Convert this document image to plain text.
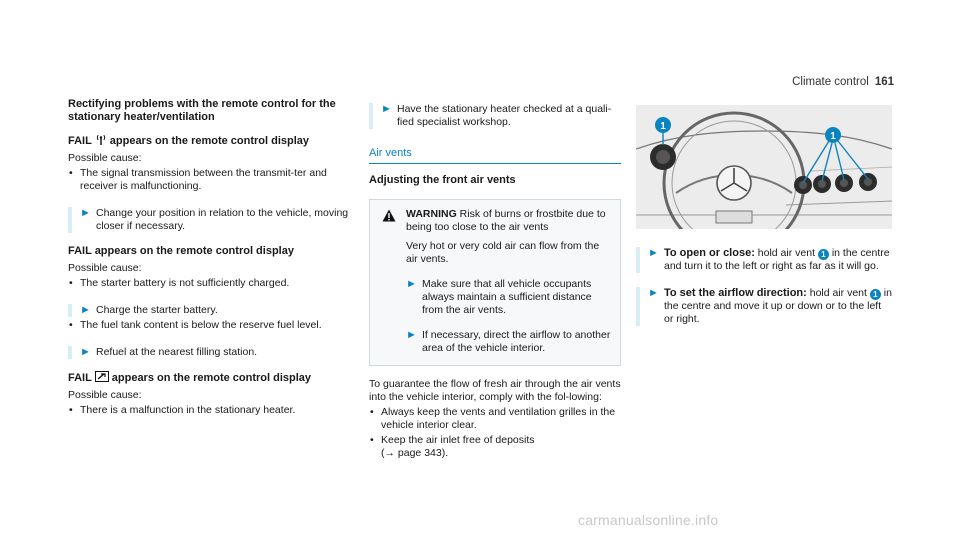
Climate control 161
Rectifying problems with the remote control for the stationary heater/ventilation
FAIL appears on the remote control display
Possible cause:
• The signal transmission between the transmit-ter and receiver is malfunctioning.
► Change your position in relation to the vehicle, moving closer if necessary.
FAIL appears on the remote control display
Possible cause:
• The starter battery is not sufficiently charged.
► Charge the starter battery.
• The fuel tank content is below the reserve fuel level.
► Refuel at the nearest filling station.
FAIL appears on the remote control display
Possible cause:
• There is a malfunction in the stationary heater.
► Have the stationary heater checked at a quali-fied specialist workshop.
Air vents
Adjusting the front air vents
WARNING Risk of burns or frostbite due to being too close to the air vents
Very hot or very cold air can flow from the air vents.
► Make sure that all vehicle occupants always maintain a sufficient distance from the air vents.
► If necessary, direct the airflow to another area of the vehicle interior.
To guarantee the flow of fresh air through the air vents into the vehicle interior, comply with the fol-lowing:
• Always keep the vents and ventilation grilles in the vehicle interior clear.
• Keep the air inlet free of deposits
(→ page 343).
1
1
► To open or close: hold air vent 1 in the centre and turn it to the left or right as far as it will go.
► To set the airflow direction: hold air vent 1 in the centre and move it up or down or to the left or right.
carmanualsonline.info
